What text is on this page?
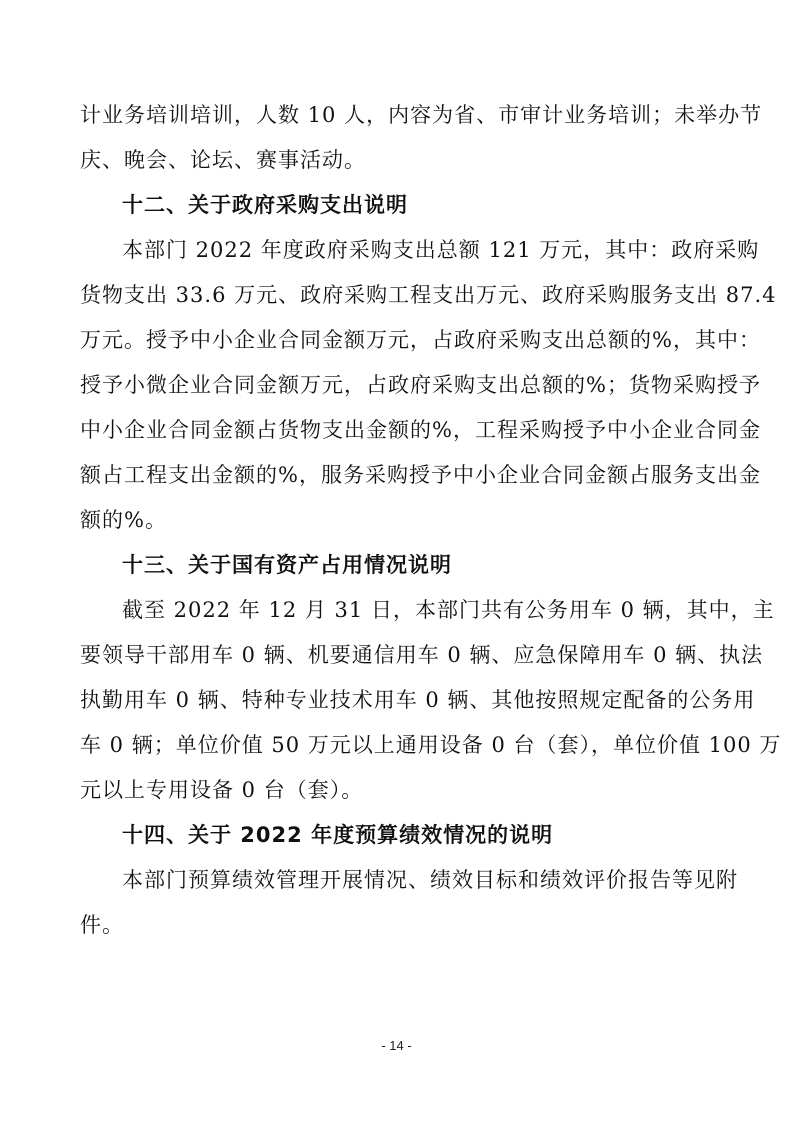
计业务培训培训，人数 10 人，内容为省、市审计业务培训；未举办节
庆、晚会、论坛、赛事活动。
十二、关于政府采购支出说明
本部门 2022 年度政府采购支出总额 121 万元，其中：政府采购
货物支出 33.6 万元、政府采购工程支出万元、政府采购服务支出 87.4
万元。授予中小企业合同金额万元，占政府采购支出总额的%，其中：
授予小微企业合同金额万元，占政府采购支出总额的%；货物采购授予
中小企业合同金额占货物支出金额的%，工程采购授予中小企业合同金
额占工程支出金额的%，服务采购授予中小企业合同金额占服务支出金
额的%。
十三、关于国有资产占用情况说明
截至 2022 年 12 月 31 日，本部门共有公务用车 0 辆，其中，主
要领导干部用车 0 辆、机要通信用车 0 辆、应急保障用车 0 辆、执法
执勤用车 0 辆、特种专业技术用车 0 辆、其他按照规定配备的公务用
车 0 辆；单位价值 50 万元以上通用设备 0 台（套），单位价值 100 万
元以上专用设备 0 台（套）。
十四、关于 2022 年度预算绩效情况的说明
本部门预算绩效管理开展情况、绩效目标和绩效评价报告等见附
件。
- 14 -
